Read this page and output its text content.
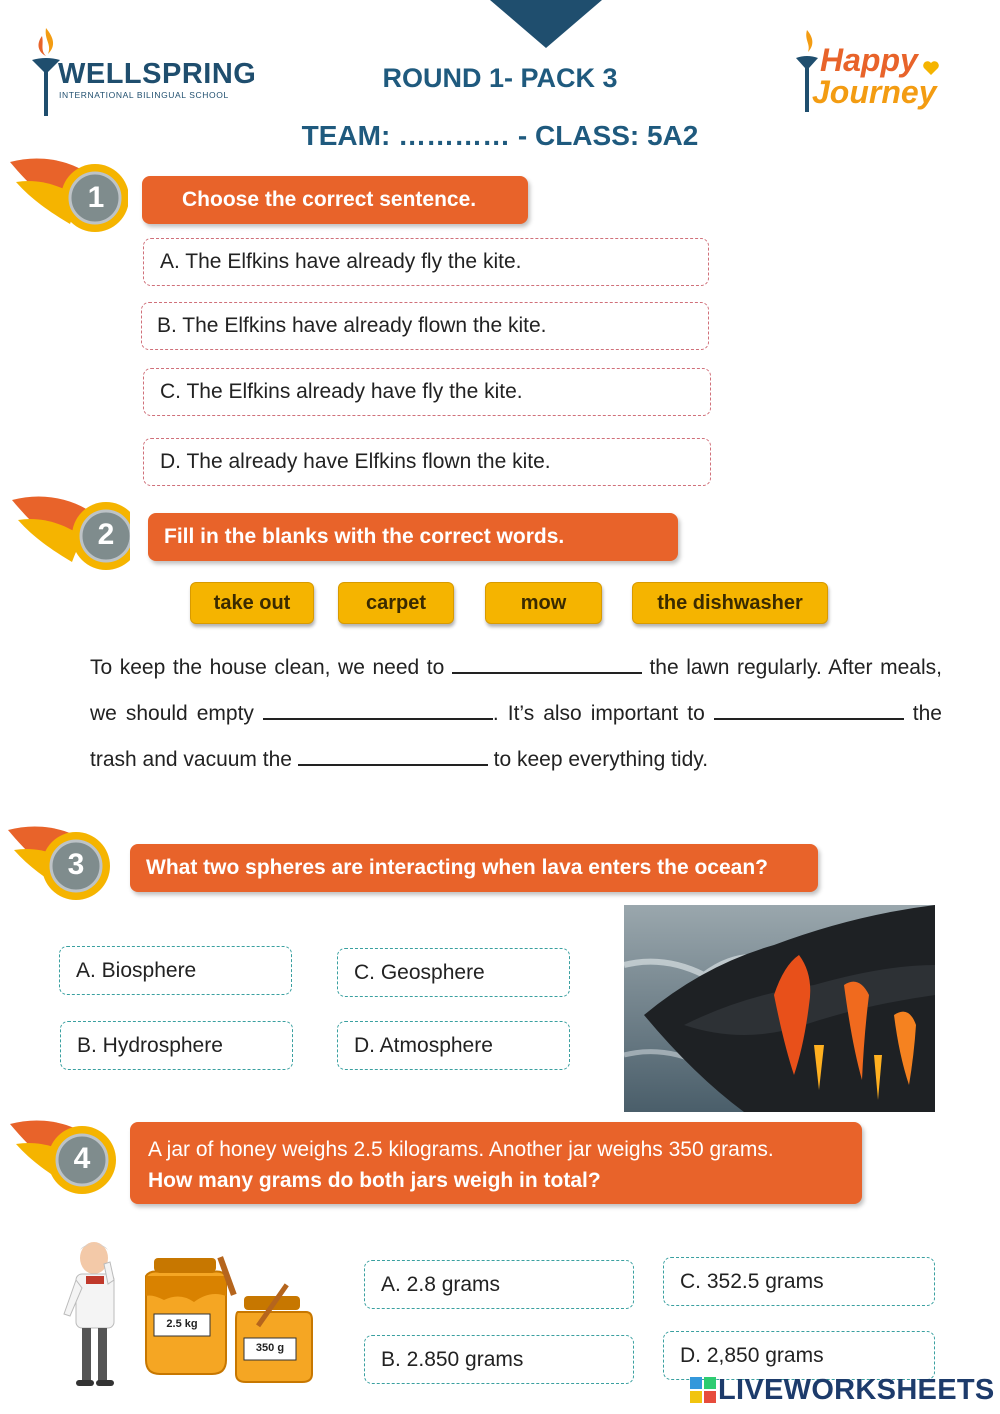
WELLSPRING
INTERNATIONAL BILINGUAL SCHOOL
ROUND 1- PACK 3
TEAM: ………… - CLASS: 5A2
Happy
Journey
1	Choose the correct sentence.
A. The Elfkins have already fly the kite.
B. The Elfkins have already flown the kite.
C. The Elfkins already have fly the kite.
D. The already have Elfkins flown the kite.
2	Fill in the blanks with the correct words.
take out	carpet	mow	the dishwasher
To keep the house clean, we need to	the lawn regularly. After meals, we should empty	. It’s also important to	the trash and vacuum the	to keep everything tidy.
3	What two spheres are interacting when lava enters the ocean?
A. Biosphere	C. Geosphere
B. Hydrosphere	D. Atmosphere
4	A jar of honey weighs 2.5 kilograms. Another jar weighs 350 grams.
How many grams do both jars weigh in total?
2.5 kg
350 g
A. 2.8 grams	C. 352.5 grams
B. 2.850 grams	D. 2,850 grams
LIVEWORKSHEETS
